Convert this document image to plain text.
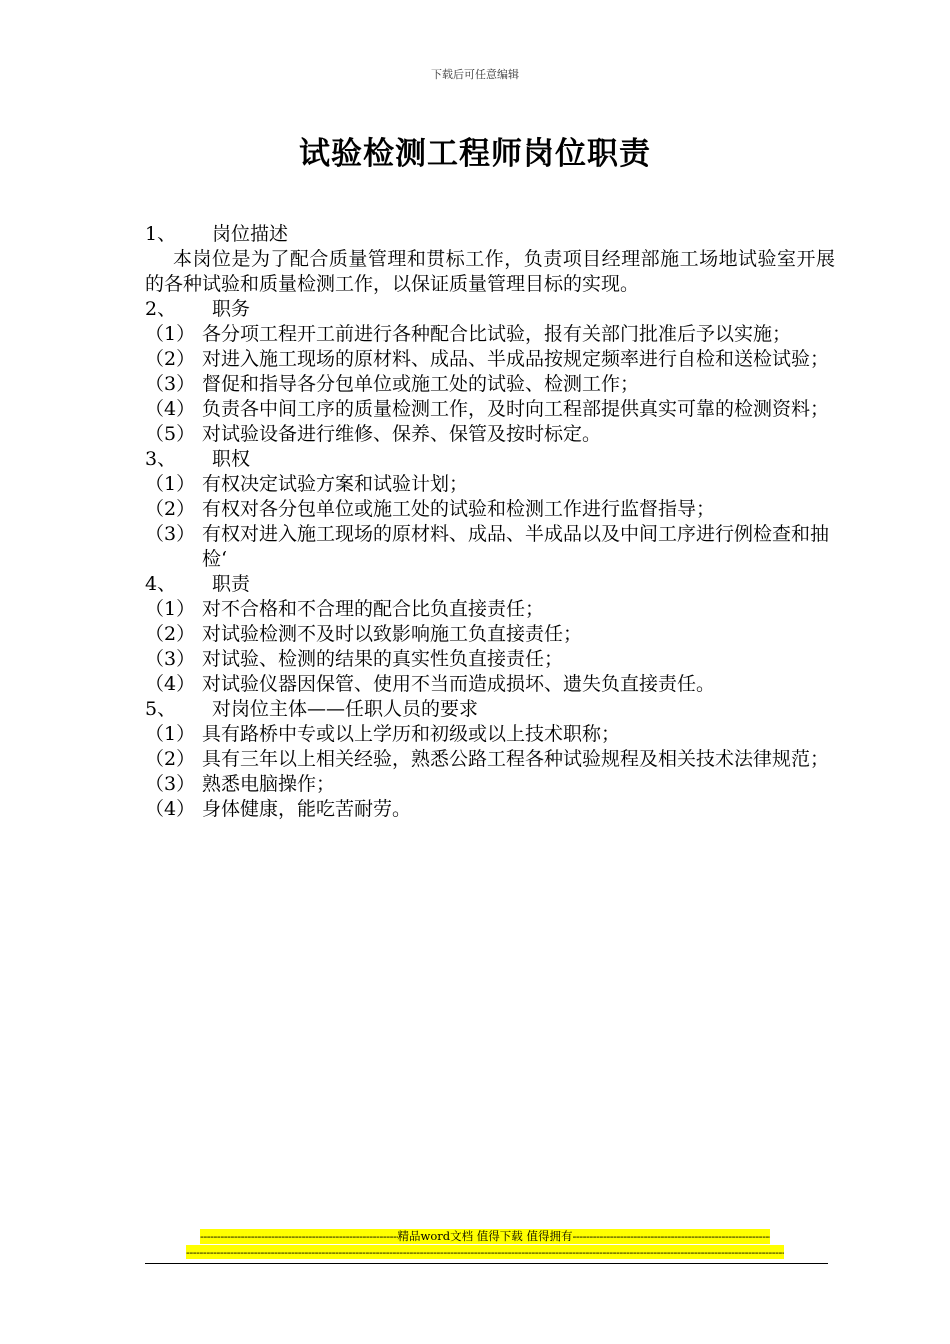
下载后可任意编辑
试验检测工程师岗位职责
1、	岗位描述
本岗位是为了配合质量管理和贯标工作，负责项目经理部施工场地试验室开展的各种试验和质量检测工作，以保证质量管理目标的实现。
2、	职务
（1） 各分项工程开工前进行各种配合比试验，报有关部门批准后予以实施；
（2） 对进入施工现场的原材料、成品、半成品按规定频率进行自检和送检试验；
（3） 督促和指导各分包单位或施工处的试验、检测工作；
（4） 负责各中间工序的质量检测工作，及时向工程部提供真实可靠的检测资料；
（5） 对试验设备进行维修、保养、保管及按时标定。
3、	职权
（1） 有权决定试验方案和试验计划；
（2） 有权对各分包单位或施工处的试验和检测工作进行监督指导；
（3） 有权对进入施工现场的原材料、成品、半成品以及中间工序进行例检查和抽检‘
4、	职责
（1） 对不合格和不合理的配合比负直接责任；
（2） 对试验检测不及时以致影响施工负直接责任；
（3） 对试验、检测的结果的真实性负直接责任；
（4） 对试验仪器因保管、使用不当而造成损坏、遗失负直接责任。
5、	对岗位主体——任职人员的要求
（1） 具有路桥中专或以上学历和初级或以上技术职称；
（2） 具有三年以上相关经验，熟悉公路工程各种试验规程及相关技术法律规范；
（3） 熟悉电脑操作；
（4） 身体健康，能吃苦耐劳。
-----
精品word文档 值得下载 值得拥有
-----
-----
